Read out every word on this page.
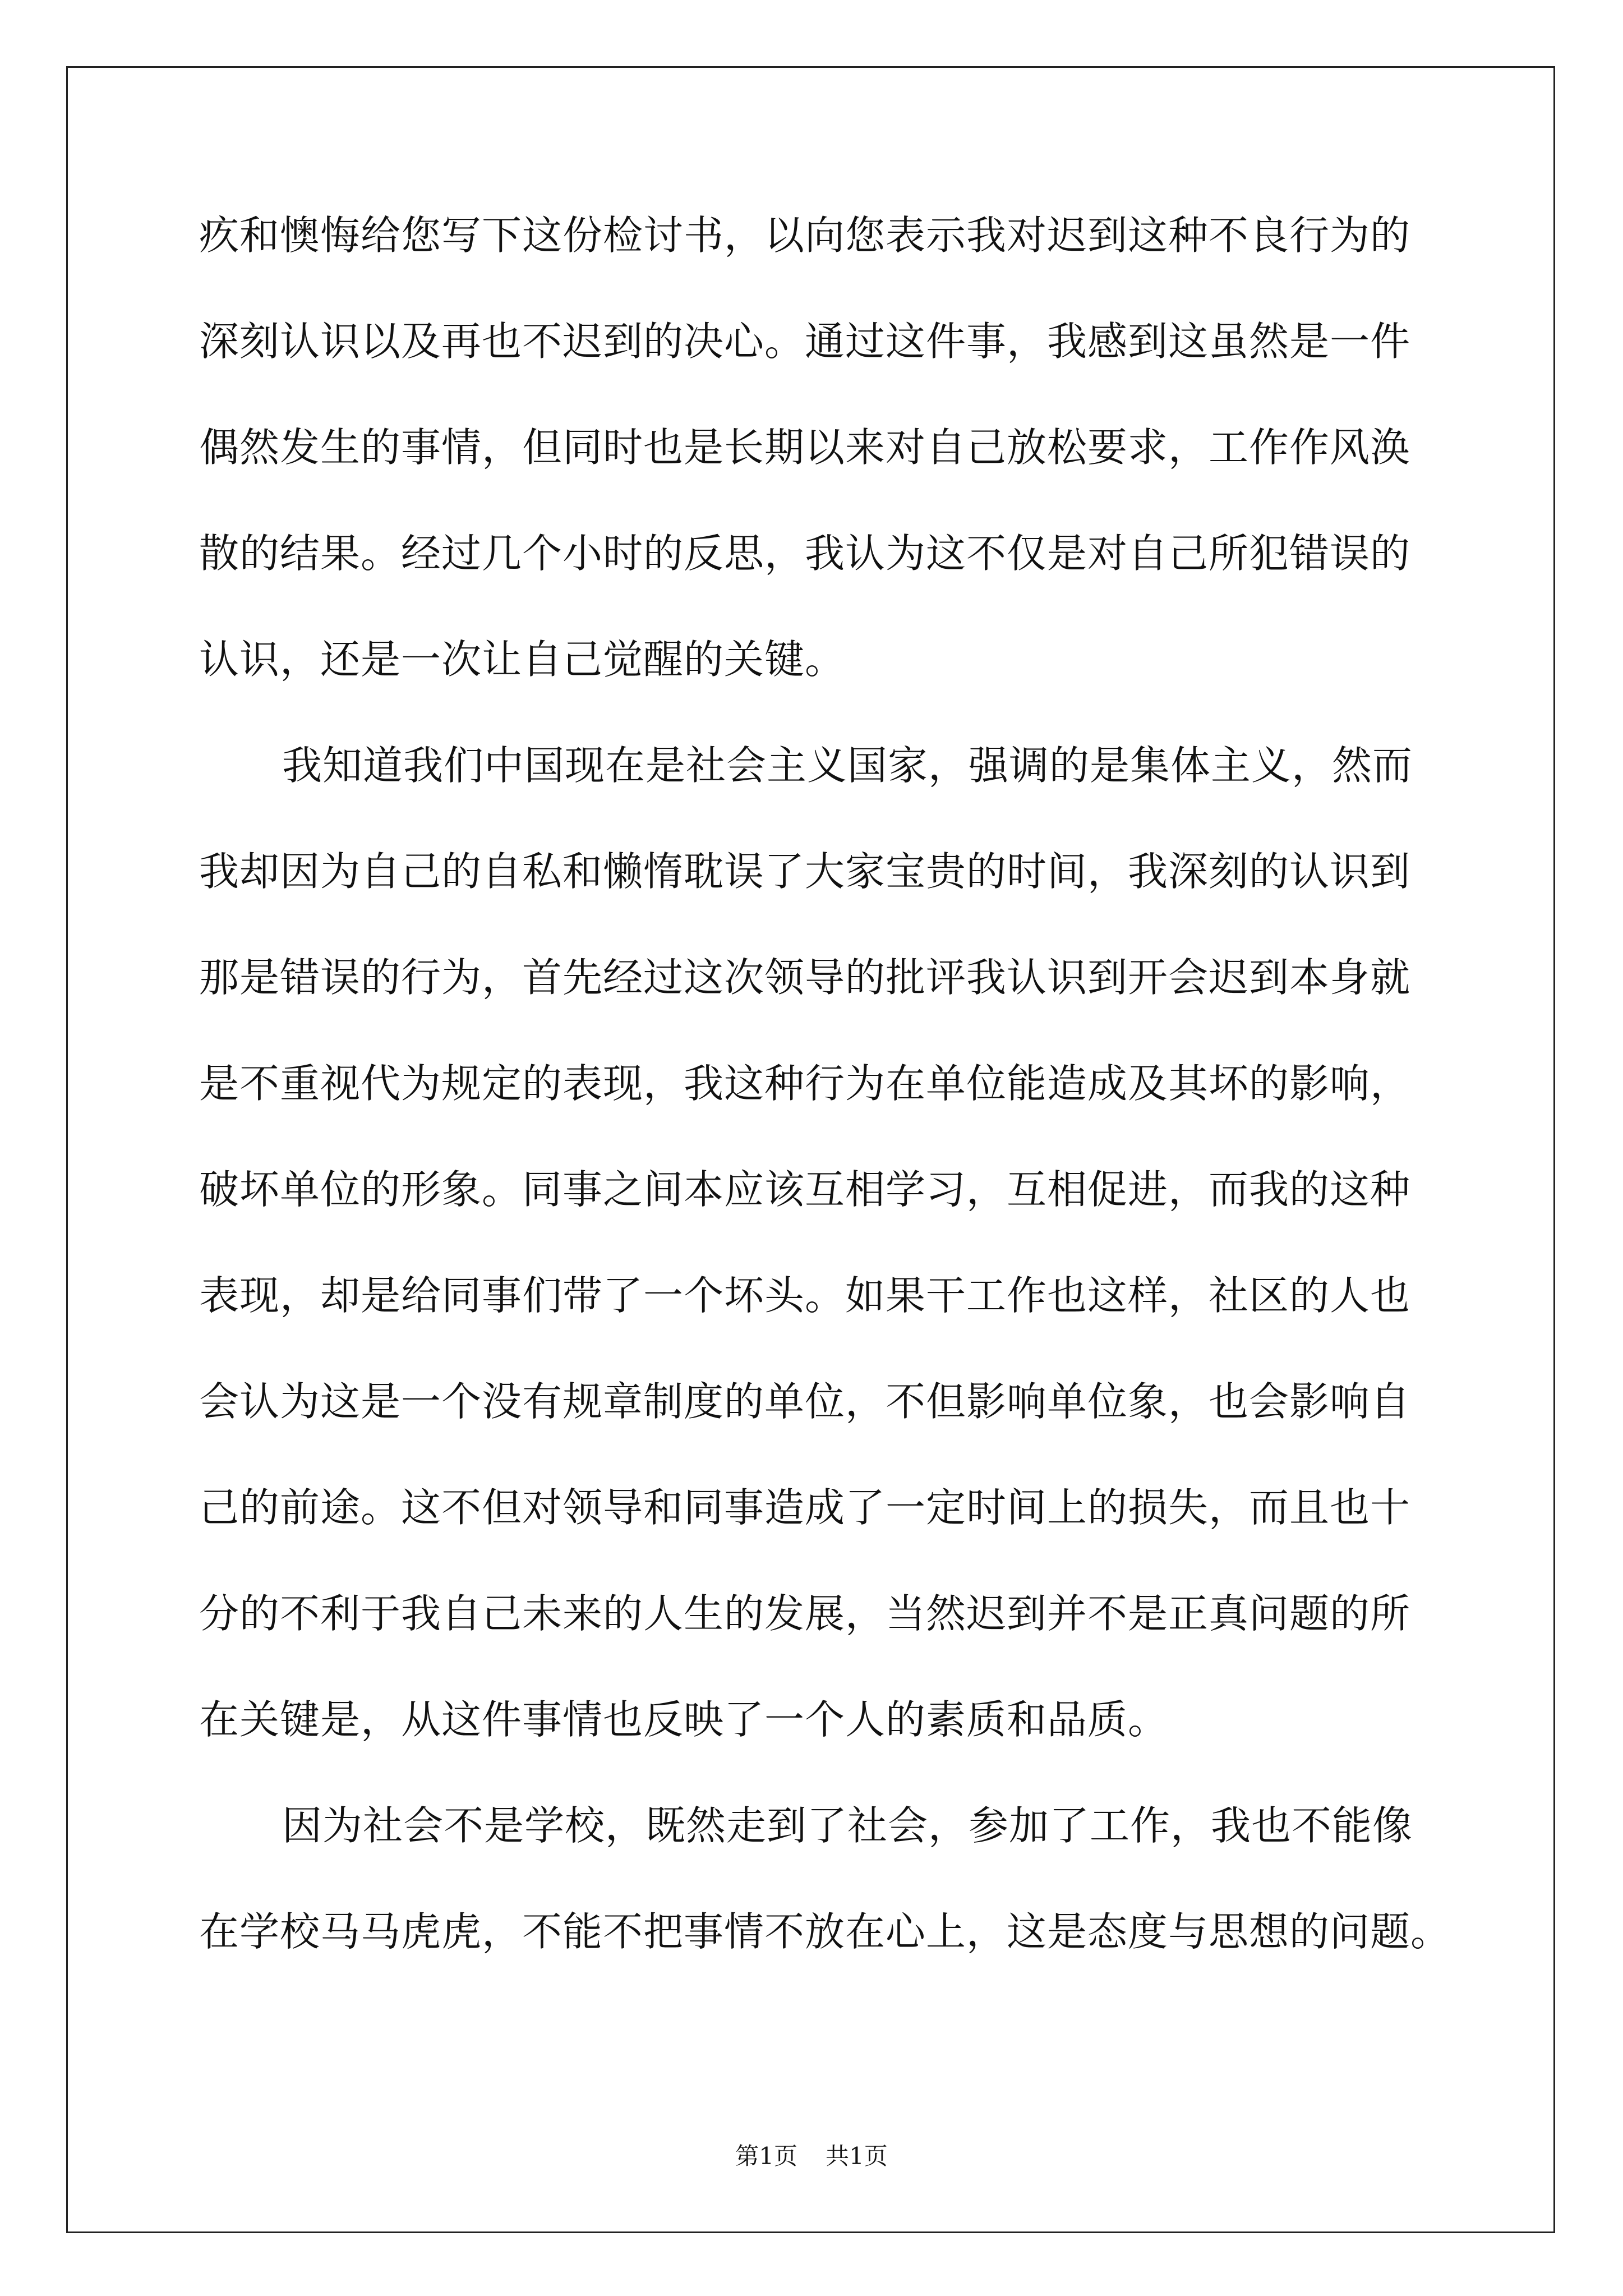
疚和懊悔给您写下这份检讨书，以向您表示我对迟到这种不良行为的
深刻认识以及再也不迟到的决心。通过这件事，我感到这虽然是一件
偶然发生的事情，但同时也是长期以来对自己放松要求，工作作风涣
散的结果。经过几个小时的反思，我认为这不仅是对自己所犯错误的
认识，还是一次让自己觉醒的关键。
我知道我们中国现在是社会主义国家，强调的是集体主义，然而
我却因为自己的自私和懒惰耽误了大家宝贵的时间，我深刻的认识到
那是错误的行为，首先经过这次领导的批评我认识到开会迟到本身就
是不重视代为规定的表现，我这种行为在单位能造成及其坏的影响，
破坏单位的形象。同事之间本应该互相学习，互相促进，而我的这种
表现，却是给同事们带了一个坏头。如果干工作也这样，社区的人也
会认为这是一个没有规章制度的单位，不但影响单位象，也会影响自
己的前途。这不但对领导和同事造成了一定时间上的损失，而且也十
分的不利于我自己未来的人生的发展，当然迟到并不是正真问题的所
在关键是，从这件事情也反映了一个人的素质和品质。
因为社会不是学校，既然走到了社会，参加了工作，我也不能像
在学校马马虎虎，不能不把事情不放在心上，这是态度与思想的问题。
第1页 共1页
